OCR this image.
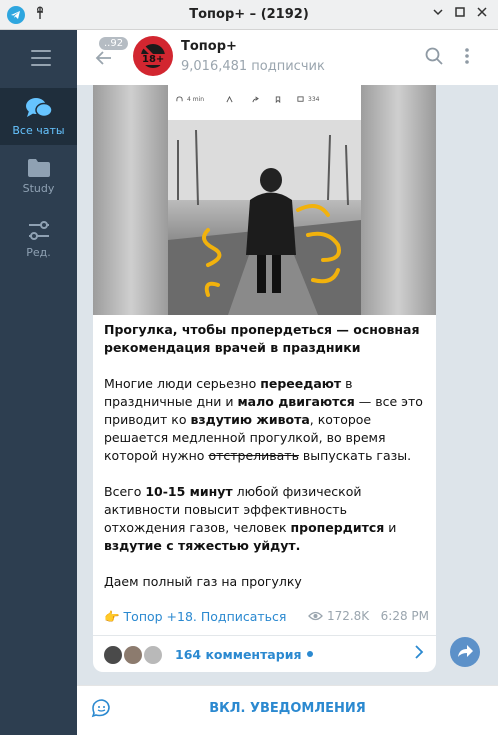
Топор+ – (2192)
Все чаты
Study
Ред.
..92
18+
Топор+
9,016,481 подписчик
4 min	334

Прогулка, чтобы пропердеться — основная рекомендация врачей в праздники

Многие люди серьезно переедают в праздничные дни и мало двигаются — все это приводит ко вздутию живота, которое решается медленной прогулкой, во время которой нужно отстреливать выпускать газы.

Всего 10-15 минут любой физической активности повысит эффективность отхождения газов, человек пропердится и вздутие с тяжестью уйдут.

Даем полный газ на прогулку

👉 Топор +18. Подписаться	172.8K 6:28 PM
164 комментария
ВКЛ. УВЕДОМЛЕНИЯ
